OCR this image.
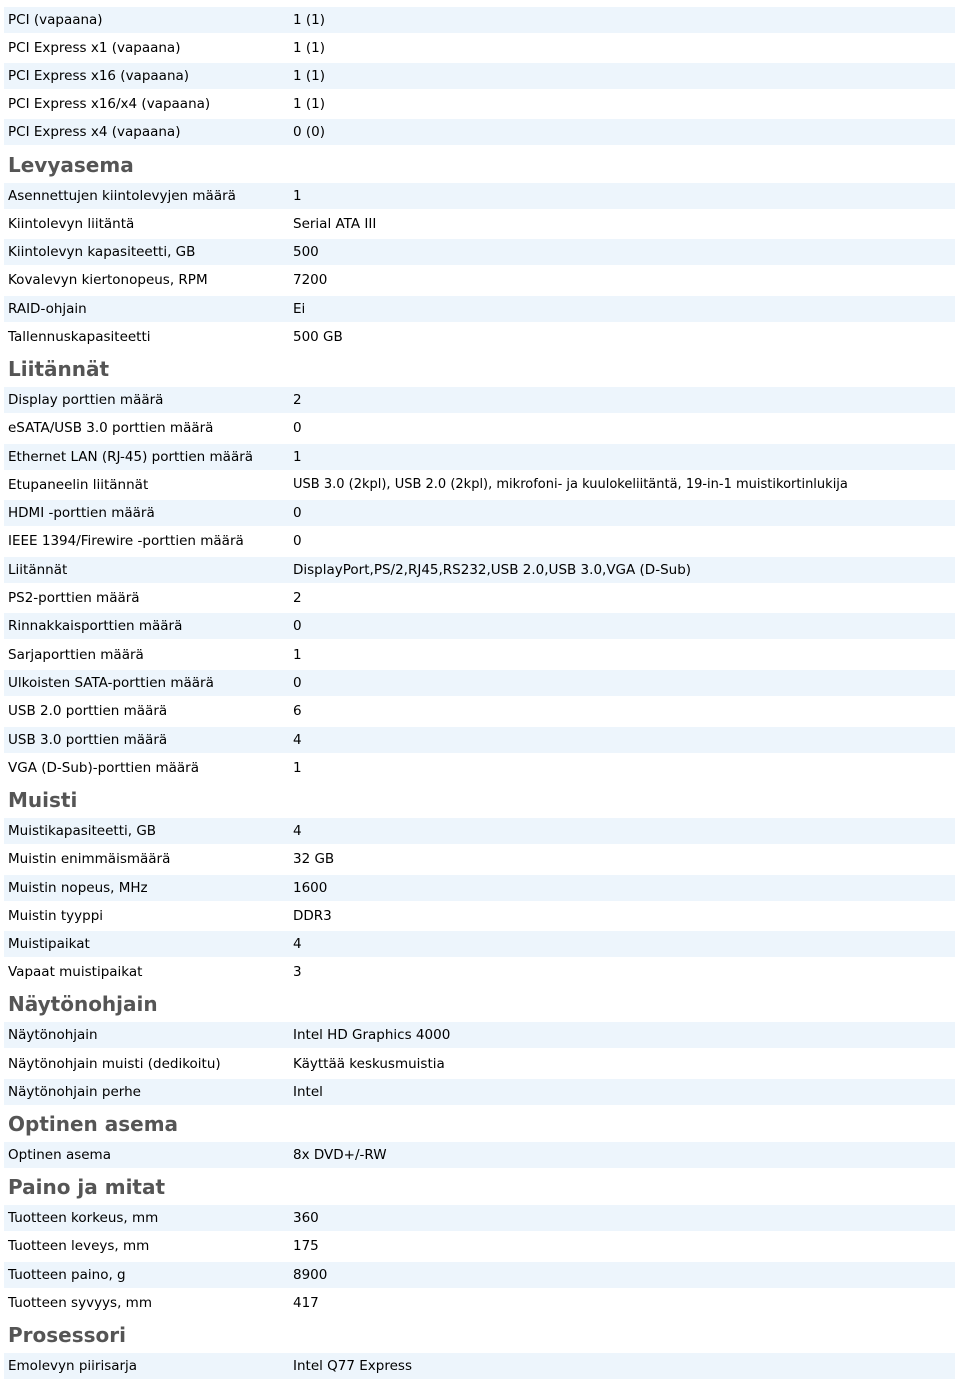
PCI (vapaana)	1 (1)
PCI Express x1 (vapaana)	1 (1)
PCI Express x16 (vapaana)	1 (1)
PCI Express x16/x4 (vapaana)	1 (1)
PCI Express x4 (vapaana)	0 (0)
Levyasema
Asennettujen kiintolevyjen määrä	1
Kiintolevyn liitäntä	Serial ATA III
Kiintolevyn kapasiteetti, GB	500
Kovalevyn kiertonopeus, RPM	7200
RAID-ohjain	Ei
Tallennuskapasiteetti	500 GB
Liitännät
Display porttien määrä	2
eSATA/USB 3.0 porttien määrä	0
Ethernet LAN (RJ-45) porttien määrä	1
Etupaneelin liitännät	USB 3.0 (2kpl), USB 2.0 (2kpl), mikrofoni- ja kuulokeliitäntä, 19-in-1 muistikortinlukija
HDMI -porttien määrä	0
IEEE 1394/Firewire -porttien määrä	0
Liitännät	DisplayPort,PS/2,RJ45,RS232,USB 2.0,USB 3.0,VGA (D-Sub)
PS2-porttien määrä	2
Rinnakkaisporttien määrä	0
Sarjaporttien määrä	1
Ulkoisten SATA-porttien määrä	0
USB 2.0 porttien määrä	6
USB 3.0 porttien määrä	4
VGA (D-Sub)-porttien määrä	1
Muisti
Muistikapasiteetti, GB	4
Muistin enimmäismäärä	32 GB
Muistin nopeus, MHz	1600
Muistin tyyppi	DDR3
Muistipaikat	4
Vapaat muistipaikat	3
Näytönohjain
Näytönohjain	Intel HD Graphics 4000
Näytönohjain muisti (dedikoitu)	Käyttää keskusmuistia
Näytönohjain perhe	Intel
Optinen asema
Optinen asema	8x DVD+/-RW
Paino ja mitat
Tuotteen korkeus, mm	360
Tuotteen leveys, mm	175
Tuotteen paino, g	8900
Tuotteen syvyys, mm	417
Prosessori
Emolevyn piirisarja	Intel Q77 Express
